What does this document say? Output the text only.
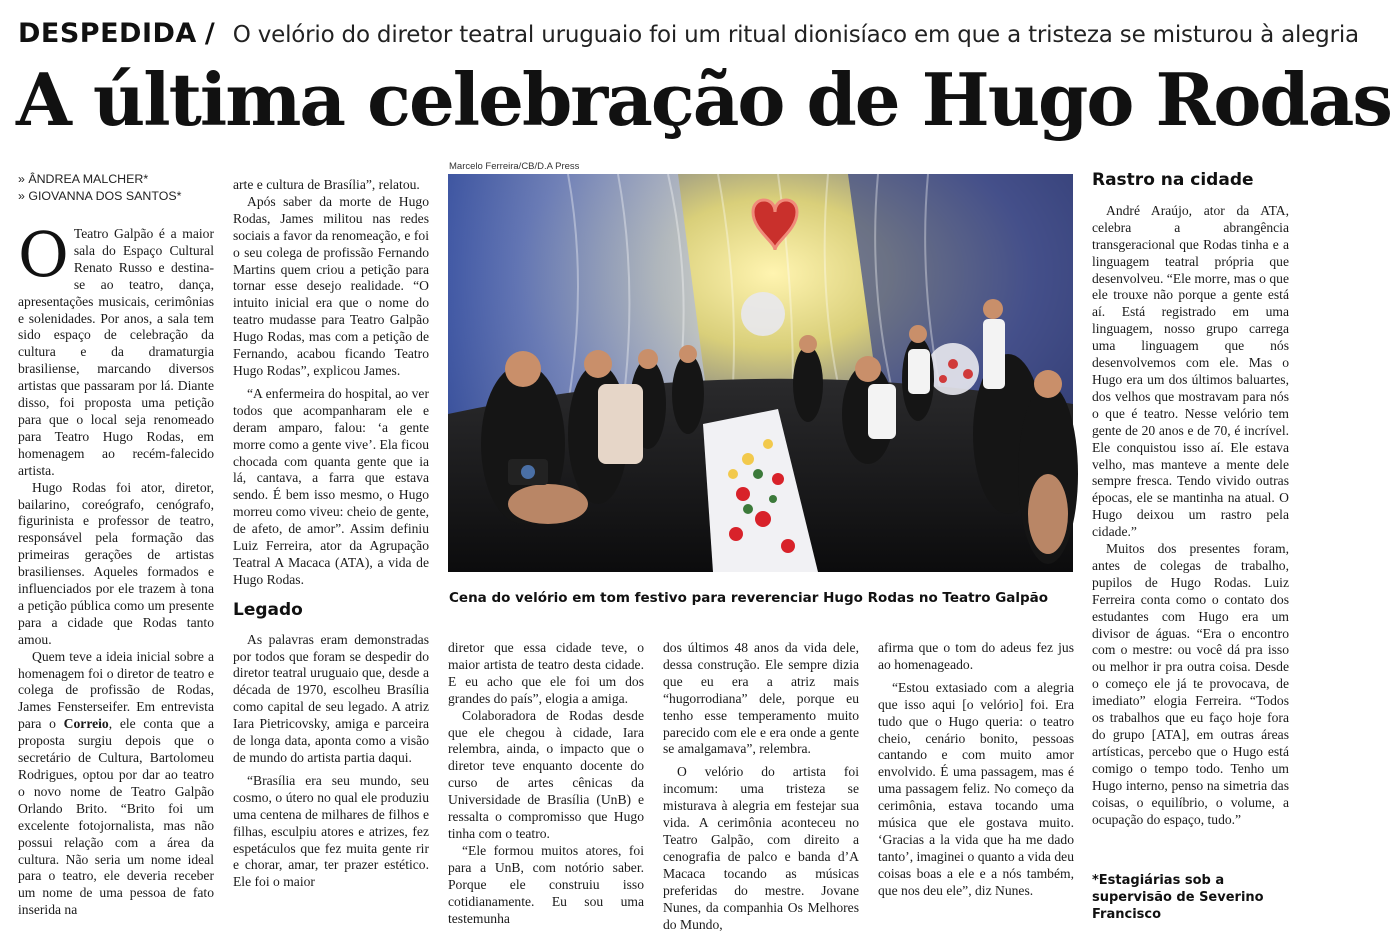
DESPEDIDA / O velório do diretor teatral uruguaio foi um ritual dionisíaco em que a tristeza se misturou à alegria
A última celebração de Hugo Rodas
» ÂNDREA MALCHER*
» GIOVANNA DOS SANTOS*

O Teatro Galpão é a maior sala do Espaço Cultural Renato Russo e destina-se ao teatro, dança, apresentações musicais, cerimônias e solenidades. Por anos, a sala tem sido espaço de celebração da cultura e da dramaturgia brasiliense, marcando diversos artistas que passaram por lá. Diante disso, foi proposta uma petição para que o local seja renomeado para Teatro Hugo Rodas, em homenagem ao recém-falecido artista.

Hugo Rodas foi ator, diretor, bailarino, coreógrafo, cenógrafo, figurinista e professor de teatro, responsável pela formação das primeiras gerações de artistas brasilienses. Aqueles formados e influenciados por ele trazem à tona a petição pública como um presente para a cidade que Rodas tanto amou.

Quem teve a ideia inicial sobre a homenagem foi o diretor de teatro e colega de profissão de Rodas, James Fensterseifer. Em entrevista para o Correio, ele conta que a proposta surgiu depois que o secretário de Cultura, Bartolomeu Rodrigues, optou por dar ao teatro o novo nome de Teatro Galpão Orlando Brito. “Brito foi um excelente fotojornalista, mas não possui relação com a área da cultura. Não seria um nome ideal para o teatro, ele deveria receber um nome de uma pessoa de fato inserida na

arte e cultura de Brasília”, relatou.

Após saber da morte de Hugo Rodas, James militou nas redes sociais a favor da renomeação, e foi o seu colega de profissão Fernando Martins quem criou a petição para tornar esse desejo realidade. “O intuito inicial era que o nome do teatro mudasse para Teatro Galpão Hugo Rodas, mas com a petição de Fernando, acabou ficando Teatro Hugo Rodas”, explicou James.

“A enfermeira do hospital, ao ver todos que acompanharam ele e deram amparo, falou: ‘a gente morre como a gente vive’. Ela ficou chocada com quanta gente que ia lá, cantava, a farra que estava sendo. É bem isso mesmo, o Hugo morreu como viveu: cheio de gente, de afeto, de amor”. Assim definiu Luiz Ferreira, ator da Agrupação Teatral A Macaca (ATA), a vida de Hugo Rodas.

Legado

As palavras eram demonstradas por todos que foram se despedir do diretor teatral uruguaio que, desde a década de 1970, escolheu Brasília como capital de seu legado. A atriz Iara Pietricovsky, amiga e parceira de longa data, aponta como a visão de mundo do artista partia daqui.

“Brasília era seu mundo, seu cosmo, o útero no qual ele produziu uma centena de milhares de filhos e filhas, esculpiu atores e atrizes, fez espetáculos que fez muita gente rir e chorar, amar, ter prazer estético. Ele foi o maior

Marcelo Ferreira/CB/D.A Press
Cena do velório em tom festivo para reverenciar Hugo Rodas no Teatro Galpão

diretor que essa cidade teve, o maior artista de teatro desta cidade. E eu acho que ele foi um dos grandes do país”, elogia a amiga.

Colaboradora de Rodas desde que ele chegou à cidade, Iara relembra, ainda, o impacto que o diretor teve enquanto docente do curso de artes cênicas da Universidade de Brasília (UnB) e ressalta o compromisso que Hugo tinha com o teatro.

“Ele formou muitos atores, foi para a UnB, com notório saber. Porque ele construiu isso cotidianamente. Eu sou uma testemunha

dos últimos 48 anos da vida dele, dessa construção. Ele sempre dizia que eu era a atriz mais “hugorrodiana” dele, porque eu tenho esse temperamento muito parecido com ele e era onde a gente se amalgamava”, relembra.

O velório do artista foi incomum: uma tristeza se misturava à alegria em festejar sua vida. A cerimônia aconteceu no Teatro Galpão, com direito a cenografia de palco e banda d’A Macaca tocando as músicas preferidas do mestre. Jovane Nunes, da companhia Os Melhores do Mundo,

afirma que o tom do adeus fez jus ao homenageado.

“Estou extasiado com a alegria que isso aqui [o velório] foi. Era tudo que o Hugo queria: o teatro cheio, cenário bonito, pessoas cantando e com muito amor envolvido. É uma passagem, mas é uma passagem feliz. No começo da cerimônia, estava tocando uma música que ele gostava muito. ‘Gracias a la vida que ha me dado tanto’, imaginei o quanto a vida deu coisas boas a ele e a nós também, que nos deu ele”, diz Nunes.

Rastro na cidade

André Araújo, ator da ATA, celebra a abrangência transgeracional que Rodas tinha e a linguagem teatral própria que desenvolveu. “Ele morre, mas o que ele trouxe não porque a gente está aí. Está registrado em uma linguagem, nosso grupo carrega uma linguagem que nós desenvolvemos com ele. Mas o Hugo era um dos últimos baluartes, dos velhos que mostravam para nós o que é teatro. Nesse velório tem gente de 20 anos e de 70, é incrível. Ele conquistou isso aí. Ele estava velho, mas manteve a mente dele sempre fresca. Tendo vivido outras épocas, ele se mantinha na atual. O Hugo deixou um rastro pela cidade.”

Muitos dos presentes foram, antes de colegas de trabalho, pupilos de Hugo Rodas. Luiz Ferreira conta como o contato dos estudantes com Hugo era um divisor de águas. “Era o encontro com o mestre: ou você dá pra isso ou melhor ir pra outra coisa. Desde o começo ele já te provocava, de imediato” elogia Ferreira. “Todos os trabalhos que eu faço hoje fora do grupo [ATA], em outras áreas artísticas, percebo que o Hugo está comigo o tempo todo. Tenho um Hugo interno, penso na simetria das coisas, o equilíbrio, o volume, a ocupação do espaço, tudo.”

*Estagiárias sob a supervisão de Severino Francisco
